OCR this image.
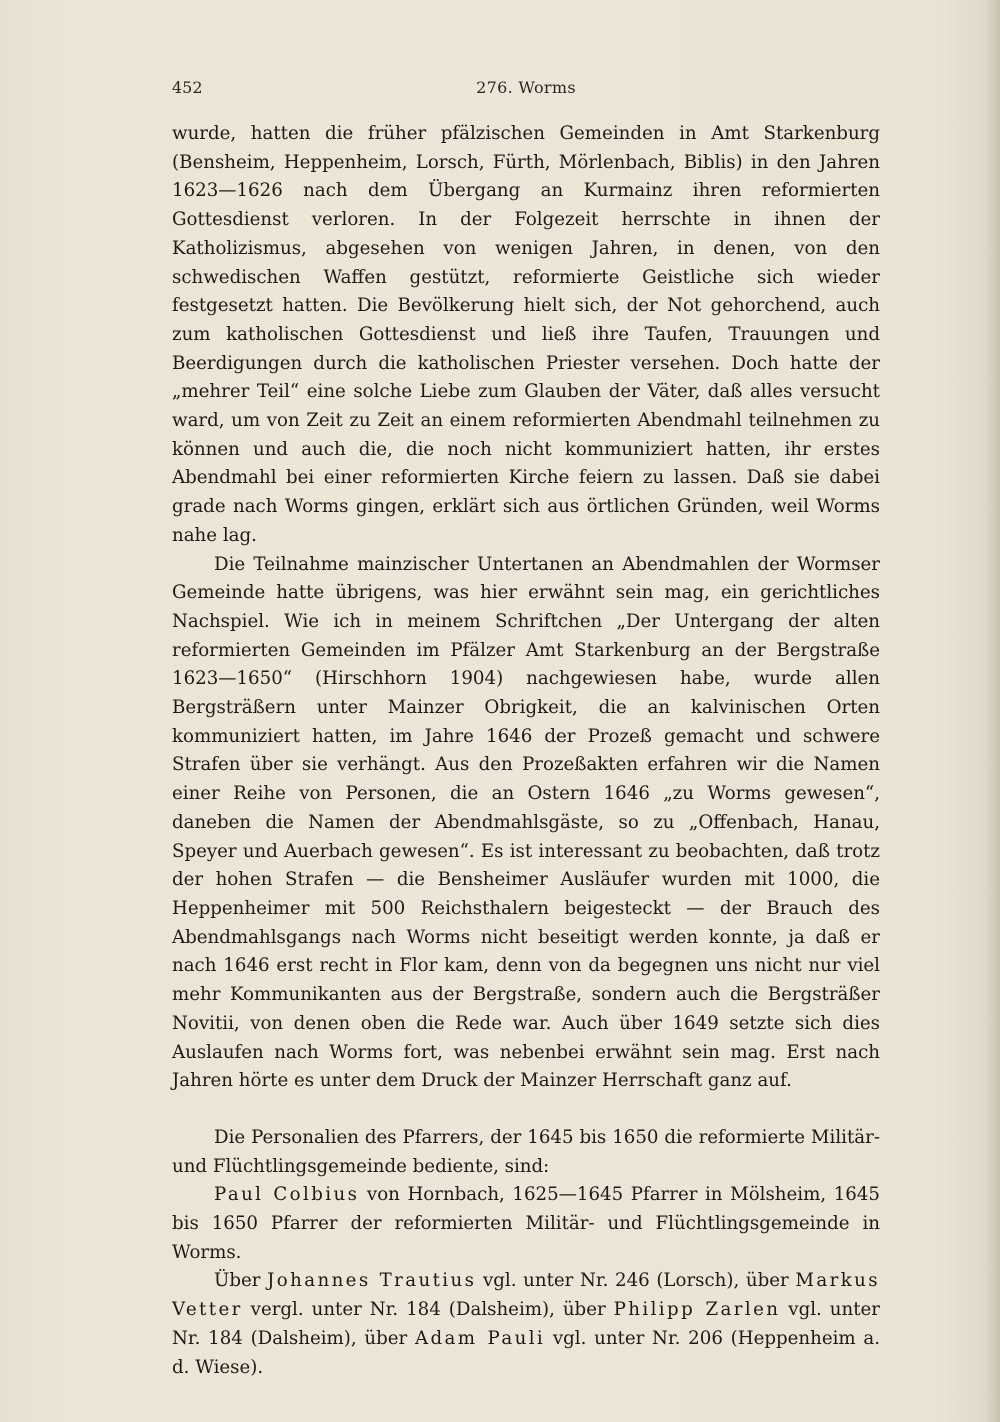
452	276. Worms

wurde, hatten die früher pfälzischen Gemeinden in Amt Starkenburg (Bensheim, Heppenheim, Lorsch, Fürth, Mörlenbach, Biblis) in den Jahren 1623—1626 nach dem Übergang an Kurmainz ihren reformierten Gottesdienst verloren. In der Folgezeit herrschte in ihnen der Katholizismus, abgesehen von wenigen Jahren, in denen, von den schwedischen Waffen gestützt, reformierte Geistliche sich wieder festgesetzt hatten. Die Bevölkerung hielt sich, der Not gehorchend, auch zum katholischen Gottesdienst und ließ ihre Taufen, Trauungen und Beerdigungen durch die katholischen Priester versehen. Doch hatte der „mehrer Teil“ eine solche Liebe zum Glauben der Väter, daß alles versucht ward, um von Zeit zu Zeit an einem reformierten Abendmahl teilnehmen zu können und auch die, die noch nicht kommuniziert hatten, ihr erstes Abendmahl bei einer reformierten Kirche feiern zu lassen. Daß sie dabei grade nach Worms gingen, erklärt sich aus örtlichen Gründen, weil Worms nahe lag.

Die Teilnahme mainzischer Untertanen an Abendmahlen der Wormser Gemeinde hatte übrigens, was hier erwähnt sein mag, ein gerichtliches Nachspiel. Wie ich in meinem Schriftchen „Der Untergang der alten reformierten Gemeinden im Pfälzer Amt Starkenburg an der Bergstraße 1623—1650“ (Hirschhorn 1904) nachgewiesen habe, wurde allen Bergsträßern unter Mainzer Obrigkeit, die an kalvinischen Orten kommuniziert hatten, im Jahre 1646 der Prozeß gemacht und schwere Strafen über sie verhängt. Aus den Prozeßakten erfahren wir die Namen einer Reihe von Personen, die an Ostern 1646 „zu Worms gewesen“, daneben die Namen der Abendmahlsgäste, so zu „Offenbach, Hanau, Speyer und Auerbach gewesen“. Es ist interessant zu beobachten, daß trotz der hohen Strafen — die Bensheimer Ausläufer wurden mit 1000, die Heppenheimer mit 500 Reichsthalern beigesteckt — der Brauch des Abendmahlsgangs nach Worms nicht beseitigt werden konnte, ja daß er nach 1646 erst recht in Flor kam, denn von da begegnen uns nicht nur viel mehr Kommunikanten aus der Bergstraße, sondern auch die Bergsträßer Novitii, von denen oben die Rede war. Auch über 1649 setzte sich dies Auslaufen nach Worms fort, was nebenbei erwähnt sein mag. Erst nach Jahren hörte es unter dem Druck der Mainzer Herrschaft ganz auf.

Die Personalien des Pfarrers, der 1645 bis 1650 die reformierte Militär- und Flüchtlingsgemeinde bediente, sind:

Paul Colbius von Hornbach, 1625—1645 Pfarrer in Mölsheim, 1645 bis 1650 Pfarrer der reformierten Militär- und Flüchtlingsgemeinde in Worms.

Über Johannes Trautius vgl. unter Nr. 246 (Lorsch), über Markus Vetter vergl. unter Nr. 184 (Dalsheim), über Philipp Zarlen vgl. unter Nr. 184 (Dalsheim), über Adam Pauli vgl. unter Nr. 206 (Heppenheim a. d. Wiese).
